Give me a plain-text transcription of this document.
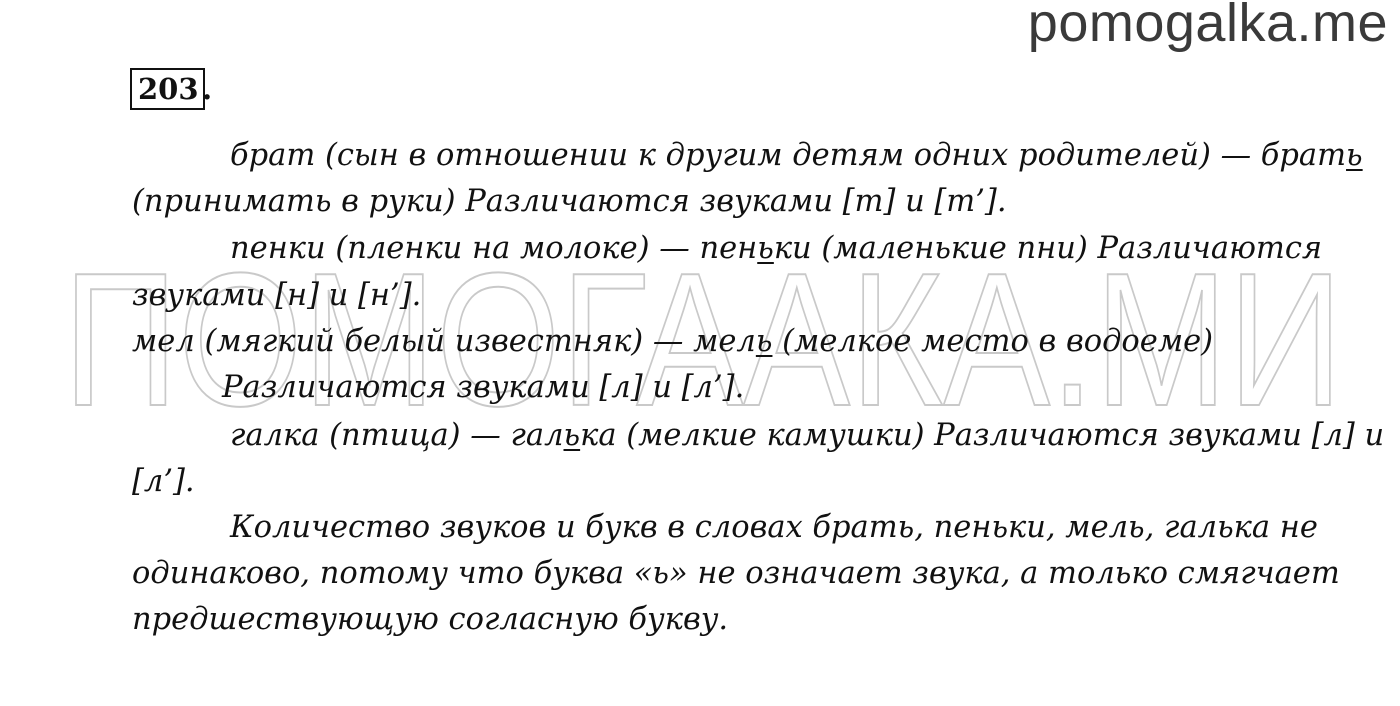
ПОМОГААКА.МИ
pomogalka.me
203 .
брат (сын в отношении к другим детям одних родителей) — брать
(принимать в руки) Различаются звуками [т] и [т’].
пенки (пленки на молоке) — пеньки (маленькие пни) Различаются
звуками [н] и [н’].
мел (мягкий белый известняк) — мель (мелкое место в водоеме)
Различаются звуками [л] и [л’].
галка (птица) — галька (мелкие камушки) Различаются звуками [л] и
[л’].
Количество звуков и букв в словах брать, пеньки, мель, галька не
одинаково, потому что буква «ь» не означает звука, а только смягчает
предшествующую согласную букву.
